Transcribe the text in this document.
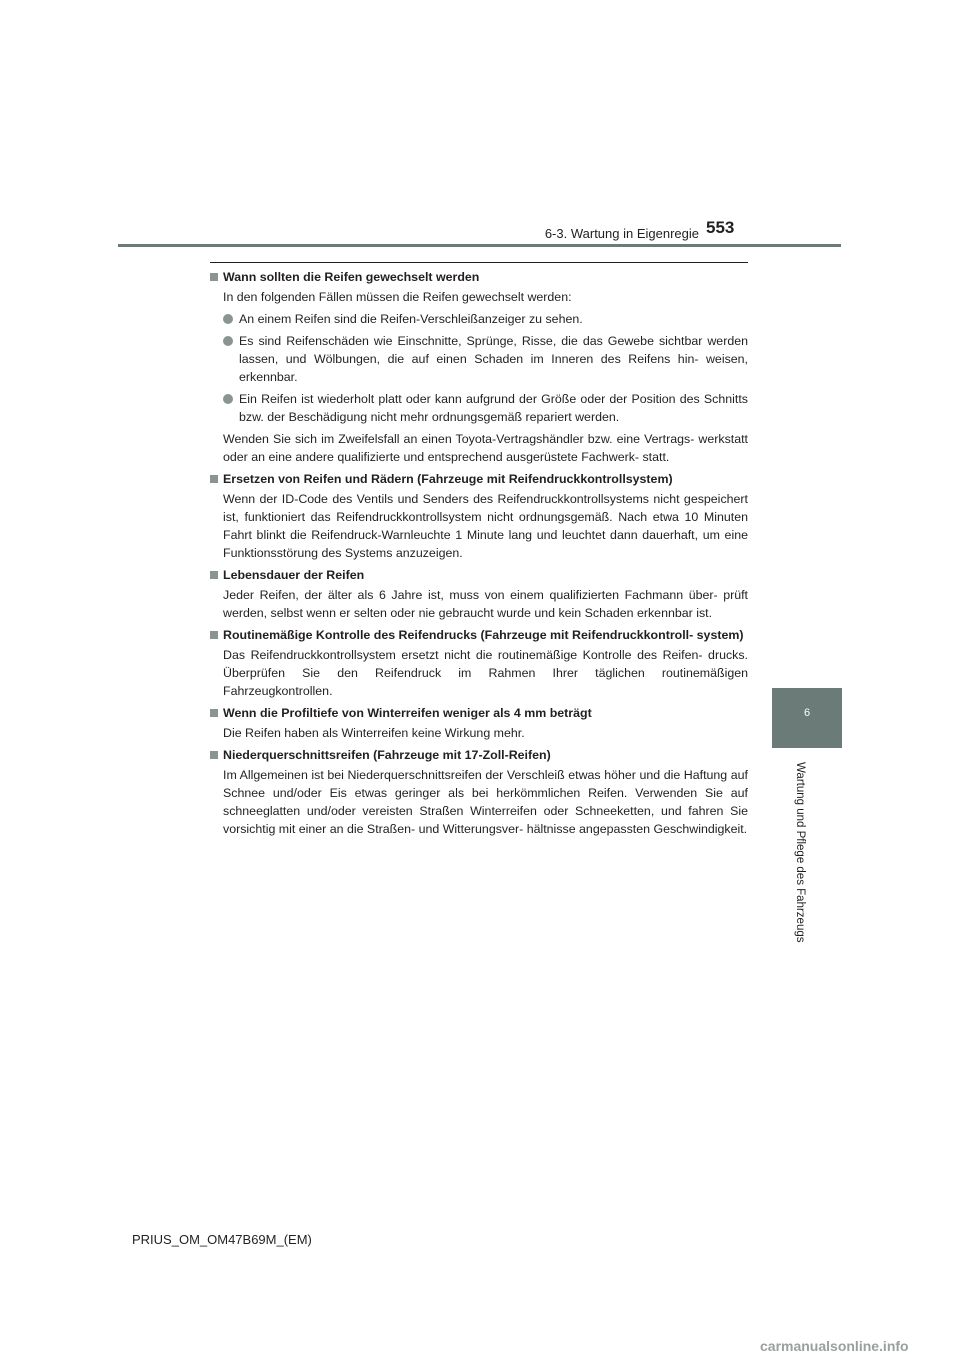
6-3. Wartung in Eigenregie 553
Wann sollten die Reifen gewechselt werden
In den folgenden Fällen müssen die Reifen gewechselt werden:
An einem Reifen sind die Reifen-Verschleißanzeiger zu sehen.
Es sind Reifenschäden wie Einschnitte, Sprünge, Risse, die das Gewebe sichtbar werden lassen, und Wölbungen, die auf einen Schaden im Inneren des Reifens hin- weisen, erkennbar.
Ein Reifen ist wiederholt platt oder kann aufgrund der Größe oder der Position des Schnitts bzw. der Beschädigung nicht mehr ordnungsgemäß repariert werden.
Wenden Sie sich im Zweifelsfall an einen Toyota-Vertragshändler bzw. eine Vertrags- werkstatt oder an eine andere qualifizierte und entsprechend ausgerüstete Fachwerk- statt.
Ersetzen von Reifen und Rädern (Fahrzeuge mit Reifendruckkontrollsystem)
Wenn der ID-Code des Ventils und Senders des Reifendruckkontrollsystems nicht gespeichert ist, funktioniert das Reifendruckkontrollsystem nicht ordnungsgemäß. Nach etwa 10 Minuten Fahrt blinkt die Reifendruck-Warnleuchte 1 Minute lang und leuchtet dann dauerhaft, um eine Funktionsstörung des Systems anzuzeigen.
Lebensdauer der Reifen
Jeder Reifen, der älter als 6 Jahre ist, muss von einem qualifizierten Fachmann über- prüft werden, selbst wenn er selten oder nie gebraucht wurde und kein Schaden erkennbar ist.
Routinemäßige Kontrolle des Reifendrucks (Fahrzeuge mit Reifendruckkontroll- system)
Das Reifendruckkontrollsystem ersetzt nicht die routinemäßige Kontrolle des Reifen- drucks. Überprüfen Sie den Reifendruck im Rahmen Ihrer täglichen routinemäßigen Fahrzeugkontrollen.
Wenn die Profiltiefe von Winterreifen weniger als 4 mm beträgt
Die Reifen haben als Winterreifen keine Wirkung mehr.
Niederquerschnittsreifen (Fahrzeuge mit 17-Zoll-Reifen)
Im Allgemeinen ist bei Niederquerschnittsreifen der Verschleiß etwas höher und die Haftung auf Schnee und/oder Eis etwas geringer als bei herkömmlichen Reifen. Verwenden Sie auf schneeglatten und/oder vereisten Straßen Winterreifen oder Schneeketten, und fahren Sie vorsichtig mit einer an die Straßen- und Witterungsver- hältnisse angepassten Geschwindigkeit.
6
Wartung und Pflege des Fahrzeugs
PRIUS_OM_OM47B69M_(EM)
carmanualsonline.info
